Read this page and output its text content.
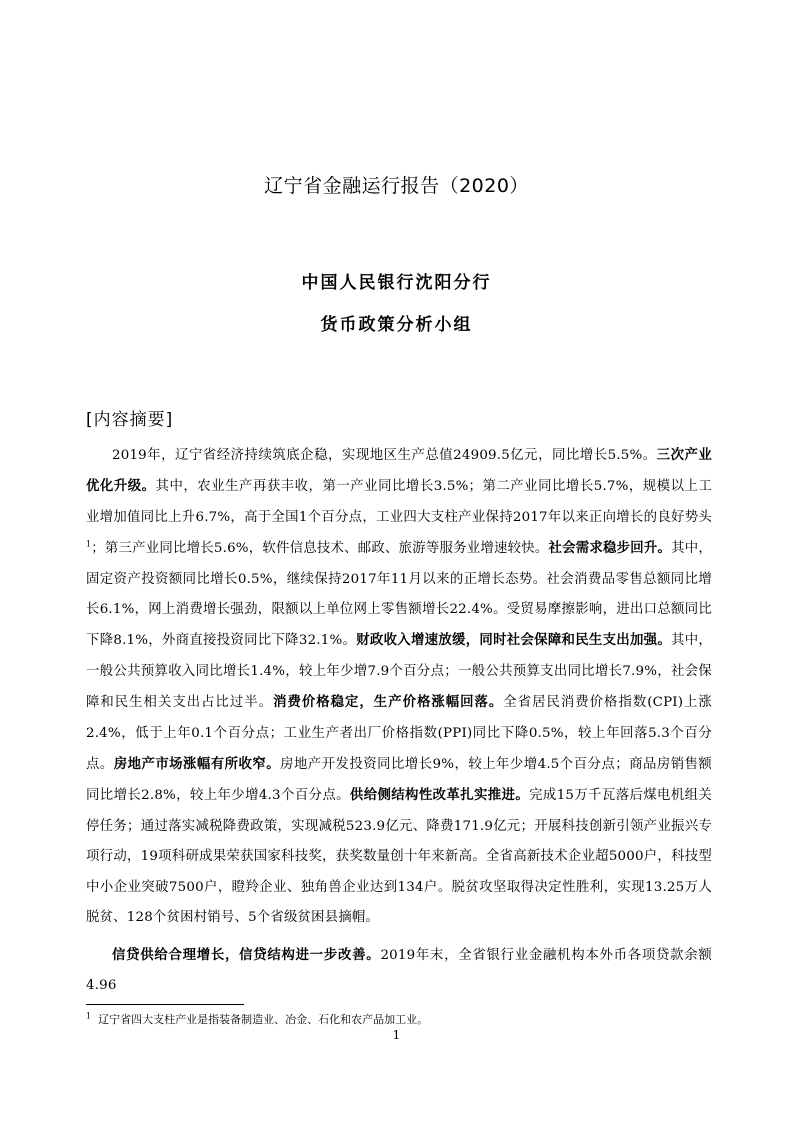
辽宁省金融运行报告（2020）
中国人民银行沈阳分行
货币政策分析小组
[内容摘要]
2019年，辽宁省经济持续筑底企稳，实现地区生产总值24909.5亿元，同比增长5.5%。三次产业优化升级。其中，农业生产再获丰收，第一产业同比增长3.5%；第二产业同比增长5.7%，规模以上工业增加值同比上升6.7%，高于全国1个百分点，工业四大支柱产业保持2017年以来正向增长的良好势头$^1$；第三产业同比增长5.6%，软件信息技术、邮政、旅游等服务业增速较快。社会需求稳步回升。其中，固定资产投资额同比增长0.5%，继续保持2017年11月以来的正增长态势。社会消费品零售总额同比增长6.1%，网上消费增长强劲，限额以上单位网上零售额增长22.4%。受贸易摩擦影响，进出口总额同比下降8.1%，外商直接投资同比下降32.1%。财政收入增速放缓，同时社会保障和民生支出加强。其中，一般公共预算收入同比增长1.4%，较上年少增7.9个百分点；一般公共预算支出同比增长7.9%，社会保障和民生相关支出占比过半。消费价格稳定，生产价格涨幅回落。全省居民消费价格指数(CPI)上涨2.4%，低于上年0.1个百分点；工业生产者出厂价格指数(PPI)同比下降0.5%，较上年回落5.3个百分点。房地产市场涨幅有所收窄。房地产开发投资同比增长9%，较上年少增4.5个百分点；商品房销售额同比增长2.8%，较上年少增4.3个百分点。供给侧结构性改革扎实推进。完成15万千瓦落后煤电机组关停任务；通过落实减税降费政策，实现减税523.9亿元、降费171.9亿元；开展科技创新引领产业振兴专项行动，19项科研成果荣获国家科技奖，获奖数量创十年来新高。全省高新技术企业超5000户，科技型中小企业突破7500户，瞪羚企业、独角兽企业达到134户。脱贫攻坚取得决定性胜利，实现13.25万人脱贫、128个贫困村销号、5个省级贫困县摘帽。
信贷供给合理增长，信贷结构进一步改善。2019年末，全省银行业金融机构本外币各项贷款余额4.96
$^1$ 辽宁省四大支柱产业是指装备制造业、冶金、石化和农产品加工业。
1
